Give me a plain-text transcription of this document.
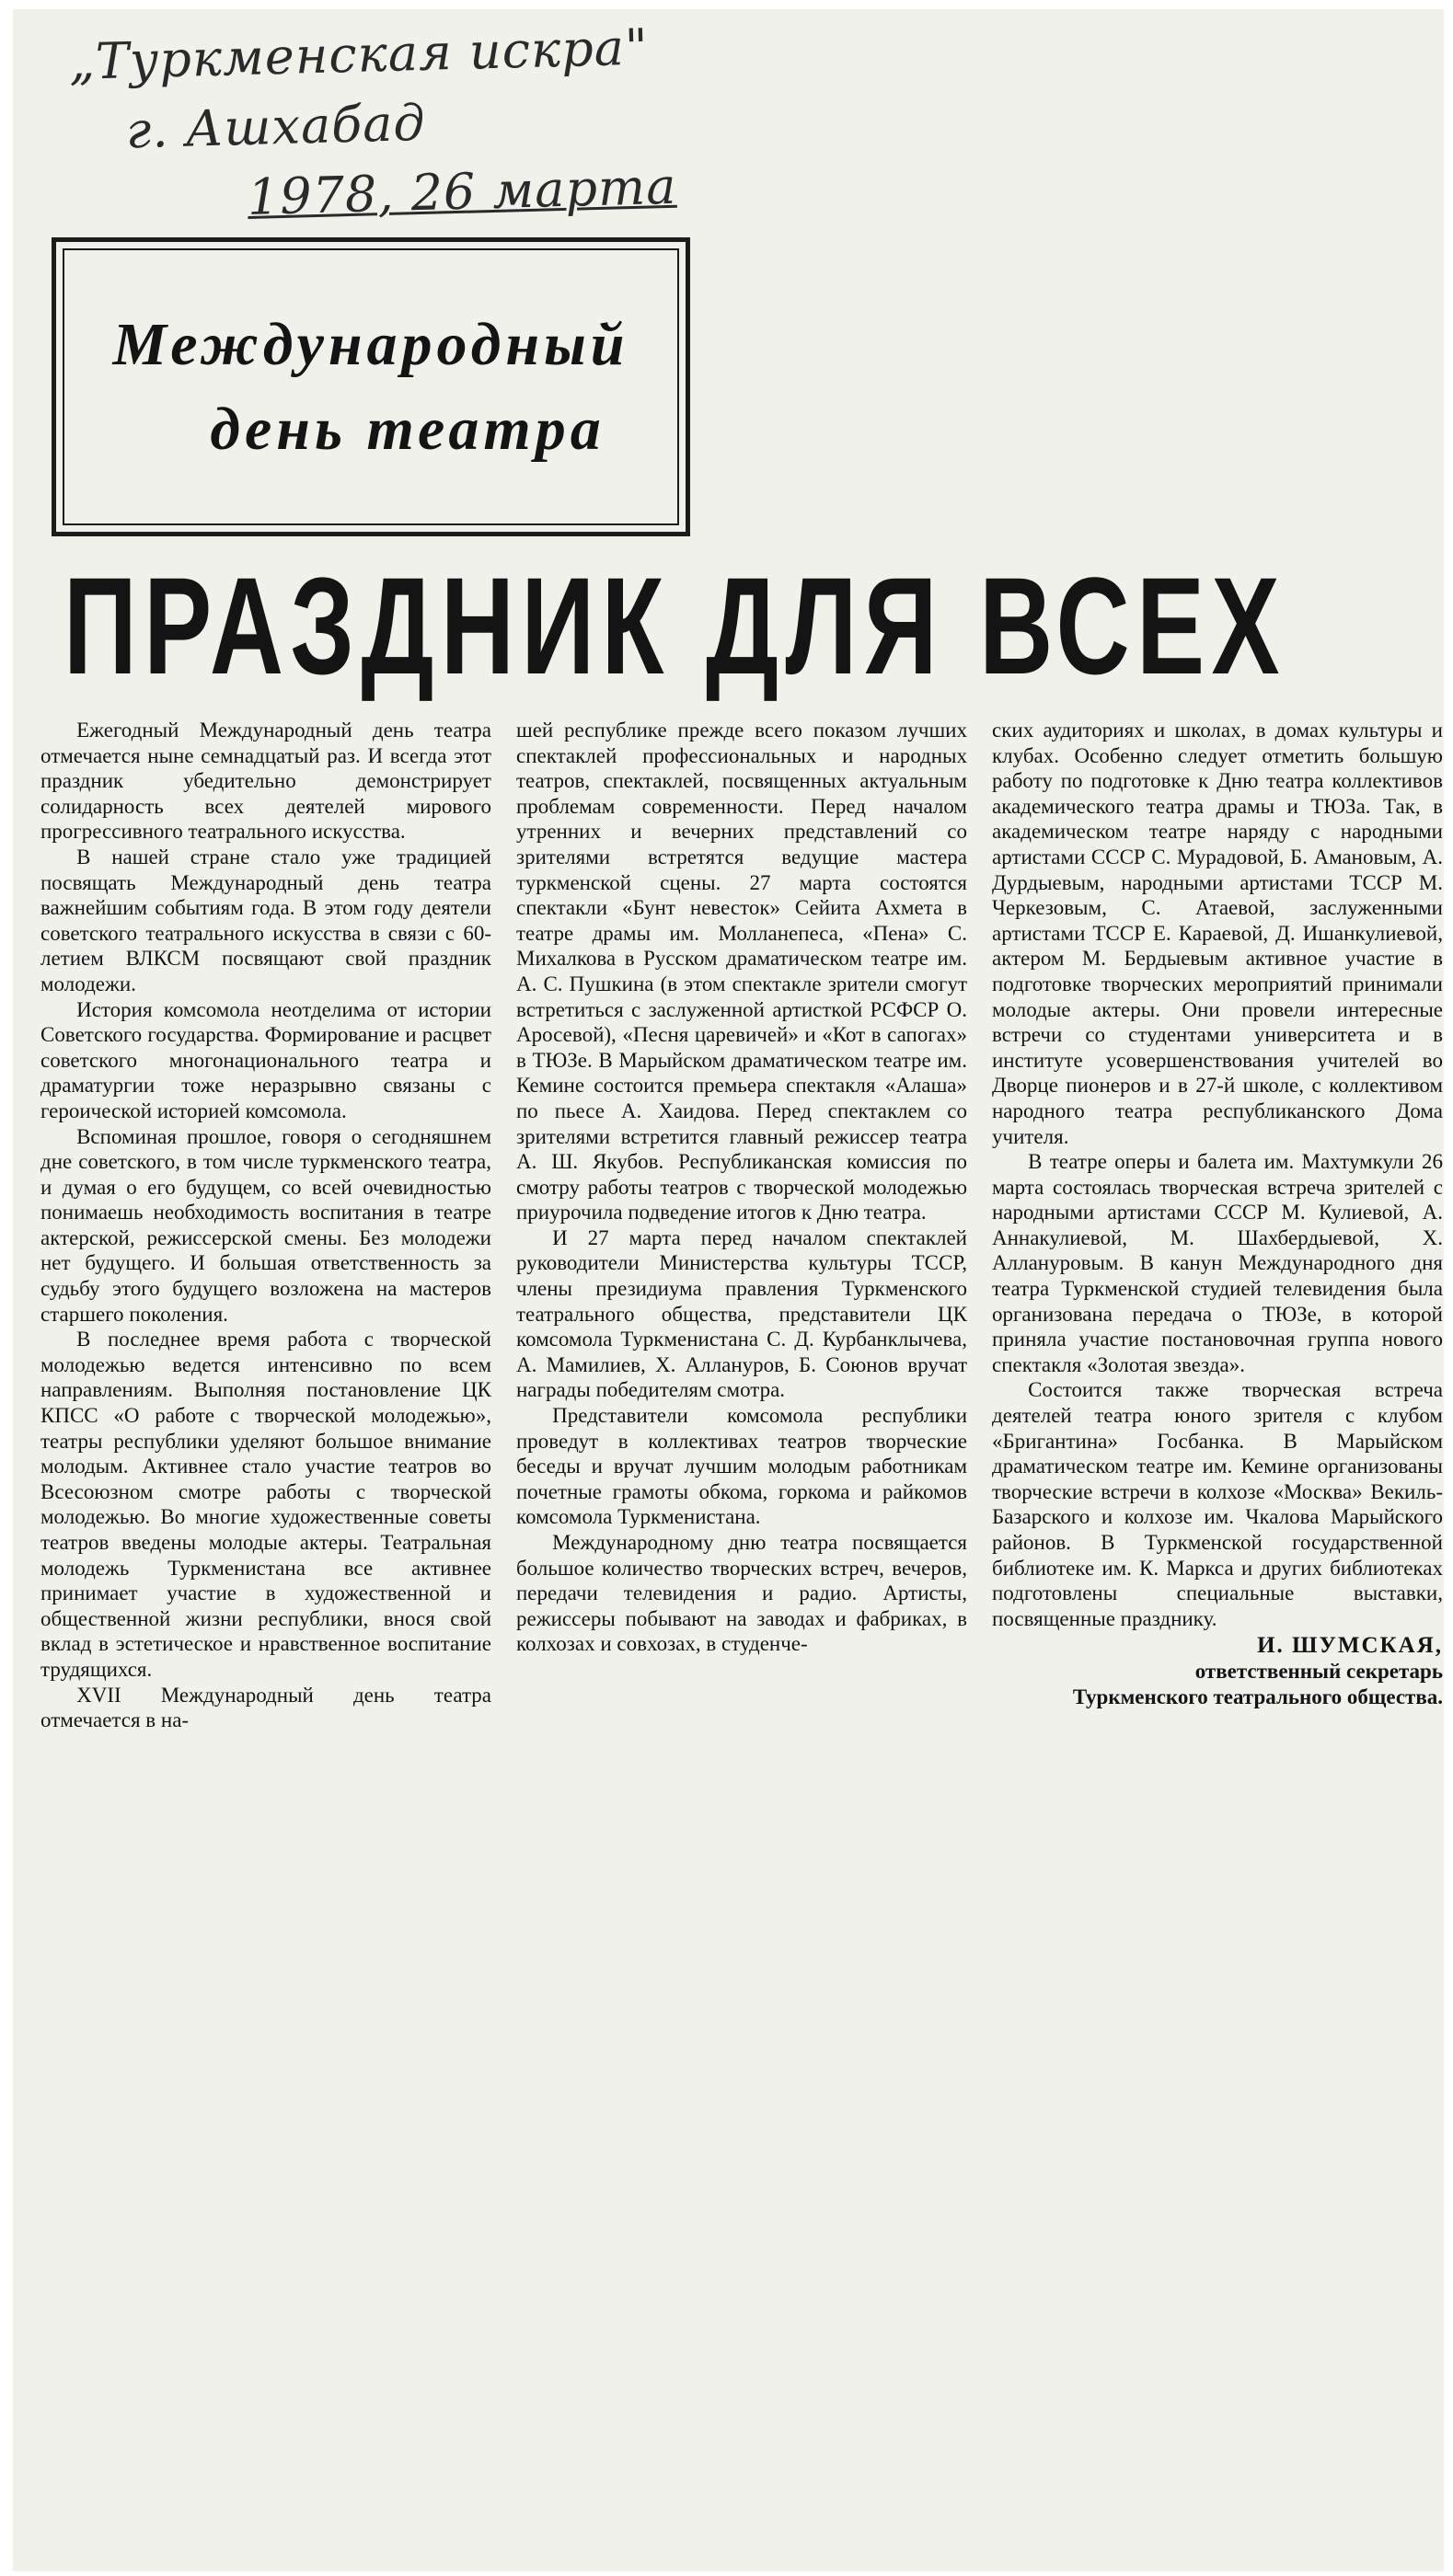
„Туркменская искра"
г. Ашхабад
1978, 26 марта
Международный
день театра
ПРАЗДНИК ДЛЯ ВСЕХ

Ежегодный Международный день театра отмечается ныне семнадцатый раз. И всегда этот праздник убедительно демонстрирует солидарность всех деятелей мирового прогрессивного театрального искусства.

В нашей стране стало уже традицией посвящать Международный день театра важнейшим событиям года. В этом году деятели советского театрального искусства в связи с 60-летием ВЛКСМ посвящают свой праздник молодежи.

История комсомола неотделима от истории Советского государства. Формирование и расцвет советского многонационального театра и драматургии тоже неразрывно связаны с героической историей комсомола.

Вспоминая прошлое, говоря о сегодняшнем дне советского, в том числе туркменского театра, и думая о его будущем, со всей очевидностью понимаешь необходимость воспитания в театре актерской, режиссерской смены. Без молодежи нет будущего. И большая ответственность за судьбу этого будущего возложена на мастеров старшего поколения.

В последнее время работа с творческой молодежью ведется интенсивно по всем направлениям. Выполняя постановление ЦК КПСС «О работе с творческой молодежью», театры республики уделяют большое внимание молодым. Активнее стало участие театров во Всесоюзном смотре работы с творческой молодежью. Во многие художественные советы театров введены молодые актеры. Театральная молодежь Туркменистана все активнее принимает участие в художественной и общественной жизни республики, внося свой вклад в эстетическое и нравственное воспитание трудящихся.

XVII Международный день театра отмечается в на-

шей республике прежде всего показом лучших спектаклей профессиональных и народных театров, спектаклей, посвященных актуальным проблемам современности. Перед началом утренних и вечерних представлений со зрителями встретятся ведущие мастера туркменской сцены. 27 марта состоятся спектакли «Бунт невесток» Сейита Ахмета в театре драмы им. Молланепеса, «Пена» С. Михалкова в Русском драматическом театре им. А. С. Пушкина (в этом спектакле зрители смогут встретиться с заслуженной артисткой РСФСР О. Аросевой), «Песня царевичей» и «Кот в сапогах» в ТЮЗе. В Марыйском драматическом театре им. Кемине состоится премьера спектакля «Алаша» по пьесе А. Хаидова. Перед спектаклем со зрителями встретится главный режиссер театра А. Ш. Якубов. Республиканская комиссия по смотру работы театров с творческой молодежью приурочила подведение итогов к Дню театра.

И 27 марта перед началом спектаклей руководители Министерства культуры ТССР, члены президиума правления Туркменского театрального общества, представители ЦК комсомола Туркменистана С. Д. Курбанклычева, А. Мамилиев, Х. Аллануров, Б. Союнов вручат награды победителям смотра.

Представители комсомола республики проведут в коллективах театров творческие беседы и вручат лучшим молодым работникам почетные грамоты обкома, горкома и райкомов комсомола Туркменистана.

Международному дню театра посвящается большое количество творческих встреч, вечеров, передачи телевидения и радио. Артисты, режиссеры побывают на заводах и фабриках, в колхозах и совхозах, в студенче-

ских аудиториях и школах, в домах культуры и клубах. Особенно следует отметить большую работу по подготовке к Дню театра коллективов академического театра драмы и ТЮЗа. Так, в академическом театре наряду с народными артистами СССР С. Мурадовой, Б. Амановым, А. Дурдыевым, народными артистами ТССР М. Черкезовым, С. Атаевой, заслуженными артистами ТССР Е. Караевой, Д. Ишанкулиевой, актером М. Бердыевым активное участие в подготовке творческих мероприятий принимали молодые актеры. Они провели интересные встречи со студентами университета и в институте усовершенствования учителей во Дворце пионеров и в 27-й школе, с коллективом народного театра республиканского Дома учителя.

В театре оперы и балета им. Махтумкули 26 марта состоялась творческая встреча зрителей с народными артистами СССР М. Кулиевой, А. Аннакулиевой, М. Шахбердыевой, Х. Аллануровым. В канун Международного дня театра Туркменской студией телевидения была организована передача о ТЮЗе, в которой приняла участие постановочная группа нового спектакля «Золотая звезда».

Состоится также творческая встреча деятелей театра юного зрителя с клубом «Бригантина» Госбанка. В Марыйском драматическом театре им. Кемине организованы творческие встречи в колхозе «Москва» Векиль-Базарского и колхозе им. Чкалова Марыйского районов. В Туркменской государственной библиотеке им. К. Маркса и других библиотеках подготовлены специальные выставки, посвященные празднику.

И. ШУМСКАЯ,
ответственный секретарь Туркменского театрального общества.
